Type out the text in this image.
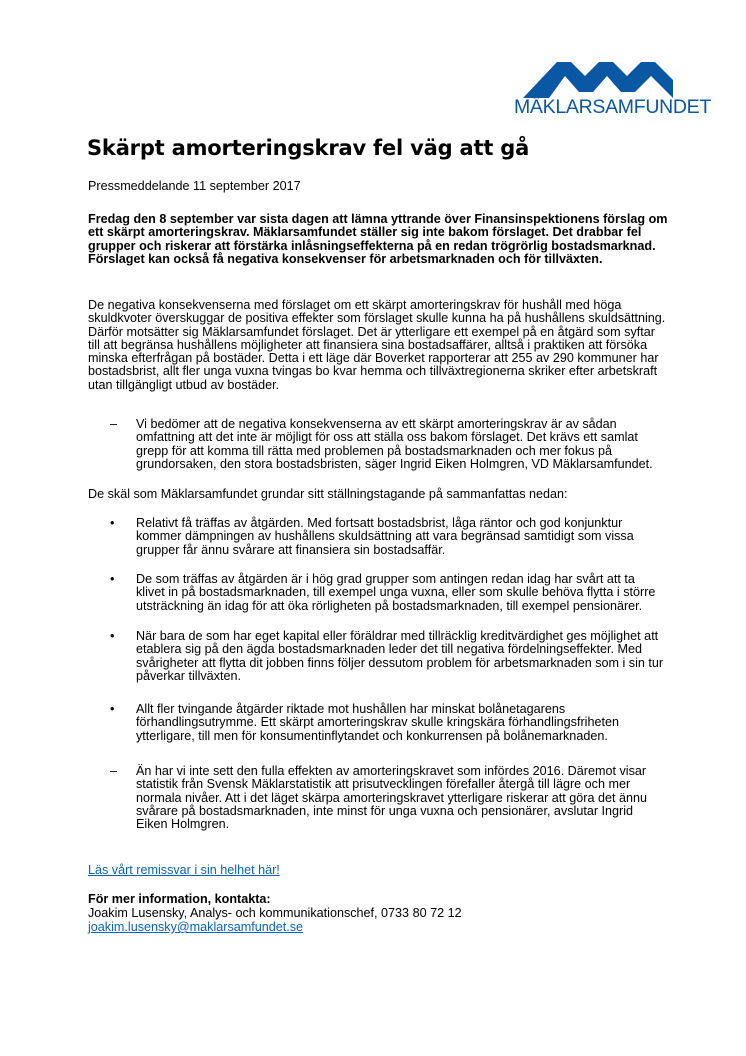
MÄKLARSAMFUNDET
Skärpt amorteringskrav fel väg att gå

Pressmeddelande 11 september 2017

Fredag den 8 september var sista dagen att lämna yttrande över Finansinspektionens förslag om ett skärpt amorteringskrav. Mäklarsamfundet ställer sig inte bakom förslaget. Det drabbar fel grupper och riskerar att förstärka inlåsningseffekterna på en redan trögrörlig bostadsmarknad. Förslaget kan också få negativa konsekvenser för arbetsmarknaden och för tillväxten.

De negativa konsekvenserna med förslaget om ett skärpt amorteringskrav för hushåll med höga skuldkvoter överskuggar de positiva effekter som förslaget skulle kunna ha på hushållens skuldsättning. Därför motsätter sig Mäklarsamfundet förslaget. Det är ytterligare ett exempel på en åtgärd som syftar till att begränsa hushållens möjligheter att finansiera sina bostadsaffärer, alltså i praktiken att försöka minska efterfrågan på bostäder. Detta i ett läge där Boverket rapporterar att 255 av 290 kommuner har bostadsbrist, allt fler unga vuxna tvingas bo kvar hemma och tillväxtregionerna skriker efter arbetskraft utan tillgängligt utbud av bostäder.

–	Vi bedömer att de negativa konsekvenserna av ett skärpt amorteringskrav är av sådan omfattning att det inte är möjligt för oss att ställa oss bakom förslaget. Det krävs ett samlat grepp för att komma till rätta med problemen på bostadsmarknaden och mer fokus på grundorsaken, den stora bostadsbristen, säger Ingrid Eiken Holmgren, VD Mäklarsamfundet.

De skäl som Mäklarsamfundet grundar sitt ställningstagande på sammanfattas nedan:

•	Relativt få träffas av åtgärden. Med fortsatt bostadsbrist, låga räntor och god konjunktur kommer dämpningen av hushållens skuldsättning att vara begränsad samtidigt som vissa grupper får ännu svårare att finansiera sin bostadsaffär.
•	De som träffas av åtgärden är i hög grad grupper som antingen redan idag har svårt att ta klivet in på bostadsmarknaden, till exempel unga vuxna, eller som skulle behöva flytta i större utsträckning än idag för att öka rörligheten på bostadsmarknaden, till exempel pensionärer.
•	När bara de som har eget kapital eller föräldrar med tillräcklig kreditvärdighet ges möjlighet att etablera sig på den ägda bostadsmarknaden leder det till negativa fördelningseffekter. Med svårigheter att flytta dit jobben finns följer dessutom problem för arbetsmarknaden som i sin tur påverkar tillväxten.
•	Allt fler tvingande åtgärder riktade mot hushållen har minskat bolånetagarens förhandlingsutrymme. Ett skärpt amorteringskrav skulle kringskära förhandlingsfriheten ytterligare, till men för konsumentinflytandet och konkurrensen på bolånemarknaden.
–	Än har vi inte sett den fulla effekten av amorteringskravet som infördes 2016. Däremot visar statistik från Svensk Mäklarstatistik att prisutvecklingen förefaller återgå till lägre och mer normala nivåer. Att i det läget skärpa amorteringskravet ytterligare riskerar att göra det ännu svårare på bostadsmarknaden, inte minst för unga vuxna och pensionärer, avslutar Ingrid Eiken Holmgren.
Läs vårt remissvar i sin helhet här!

För mer information, kontakta:

Joakim Lusensky, Analys- och kommunikationschef, 0733 80 72 12

joakim.lusensky@maklarsamfundet.se
